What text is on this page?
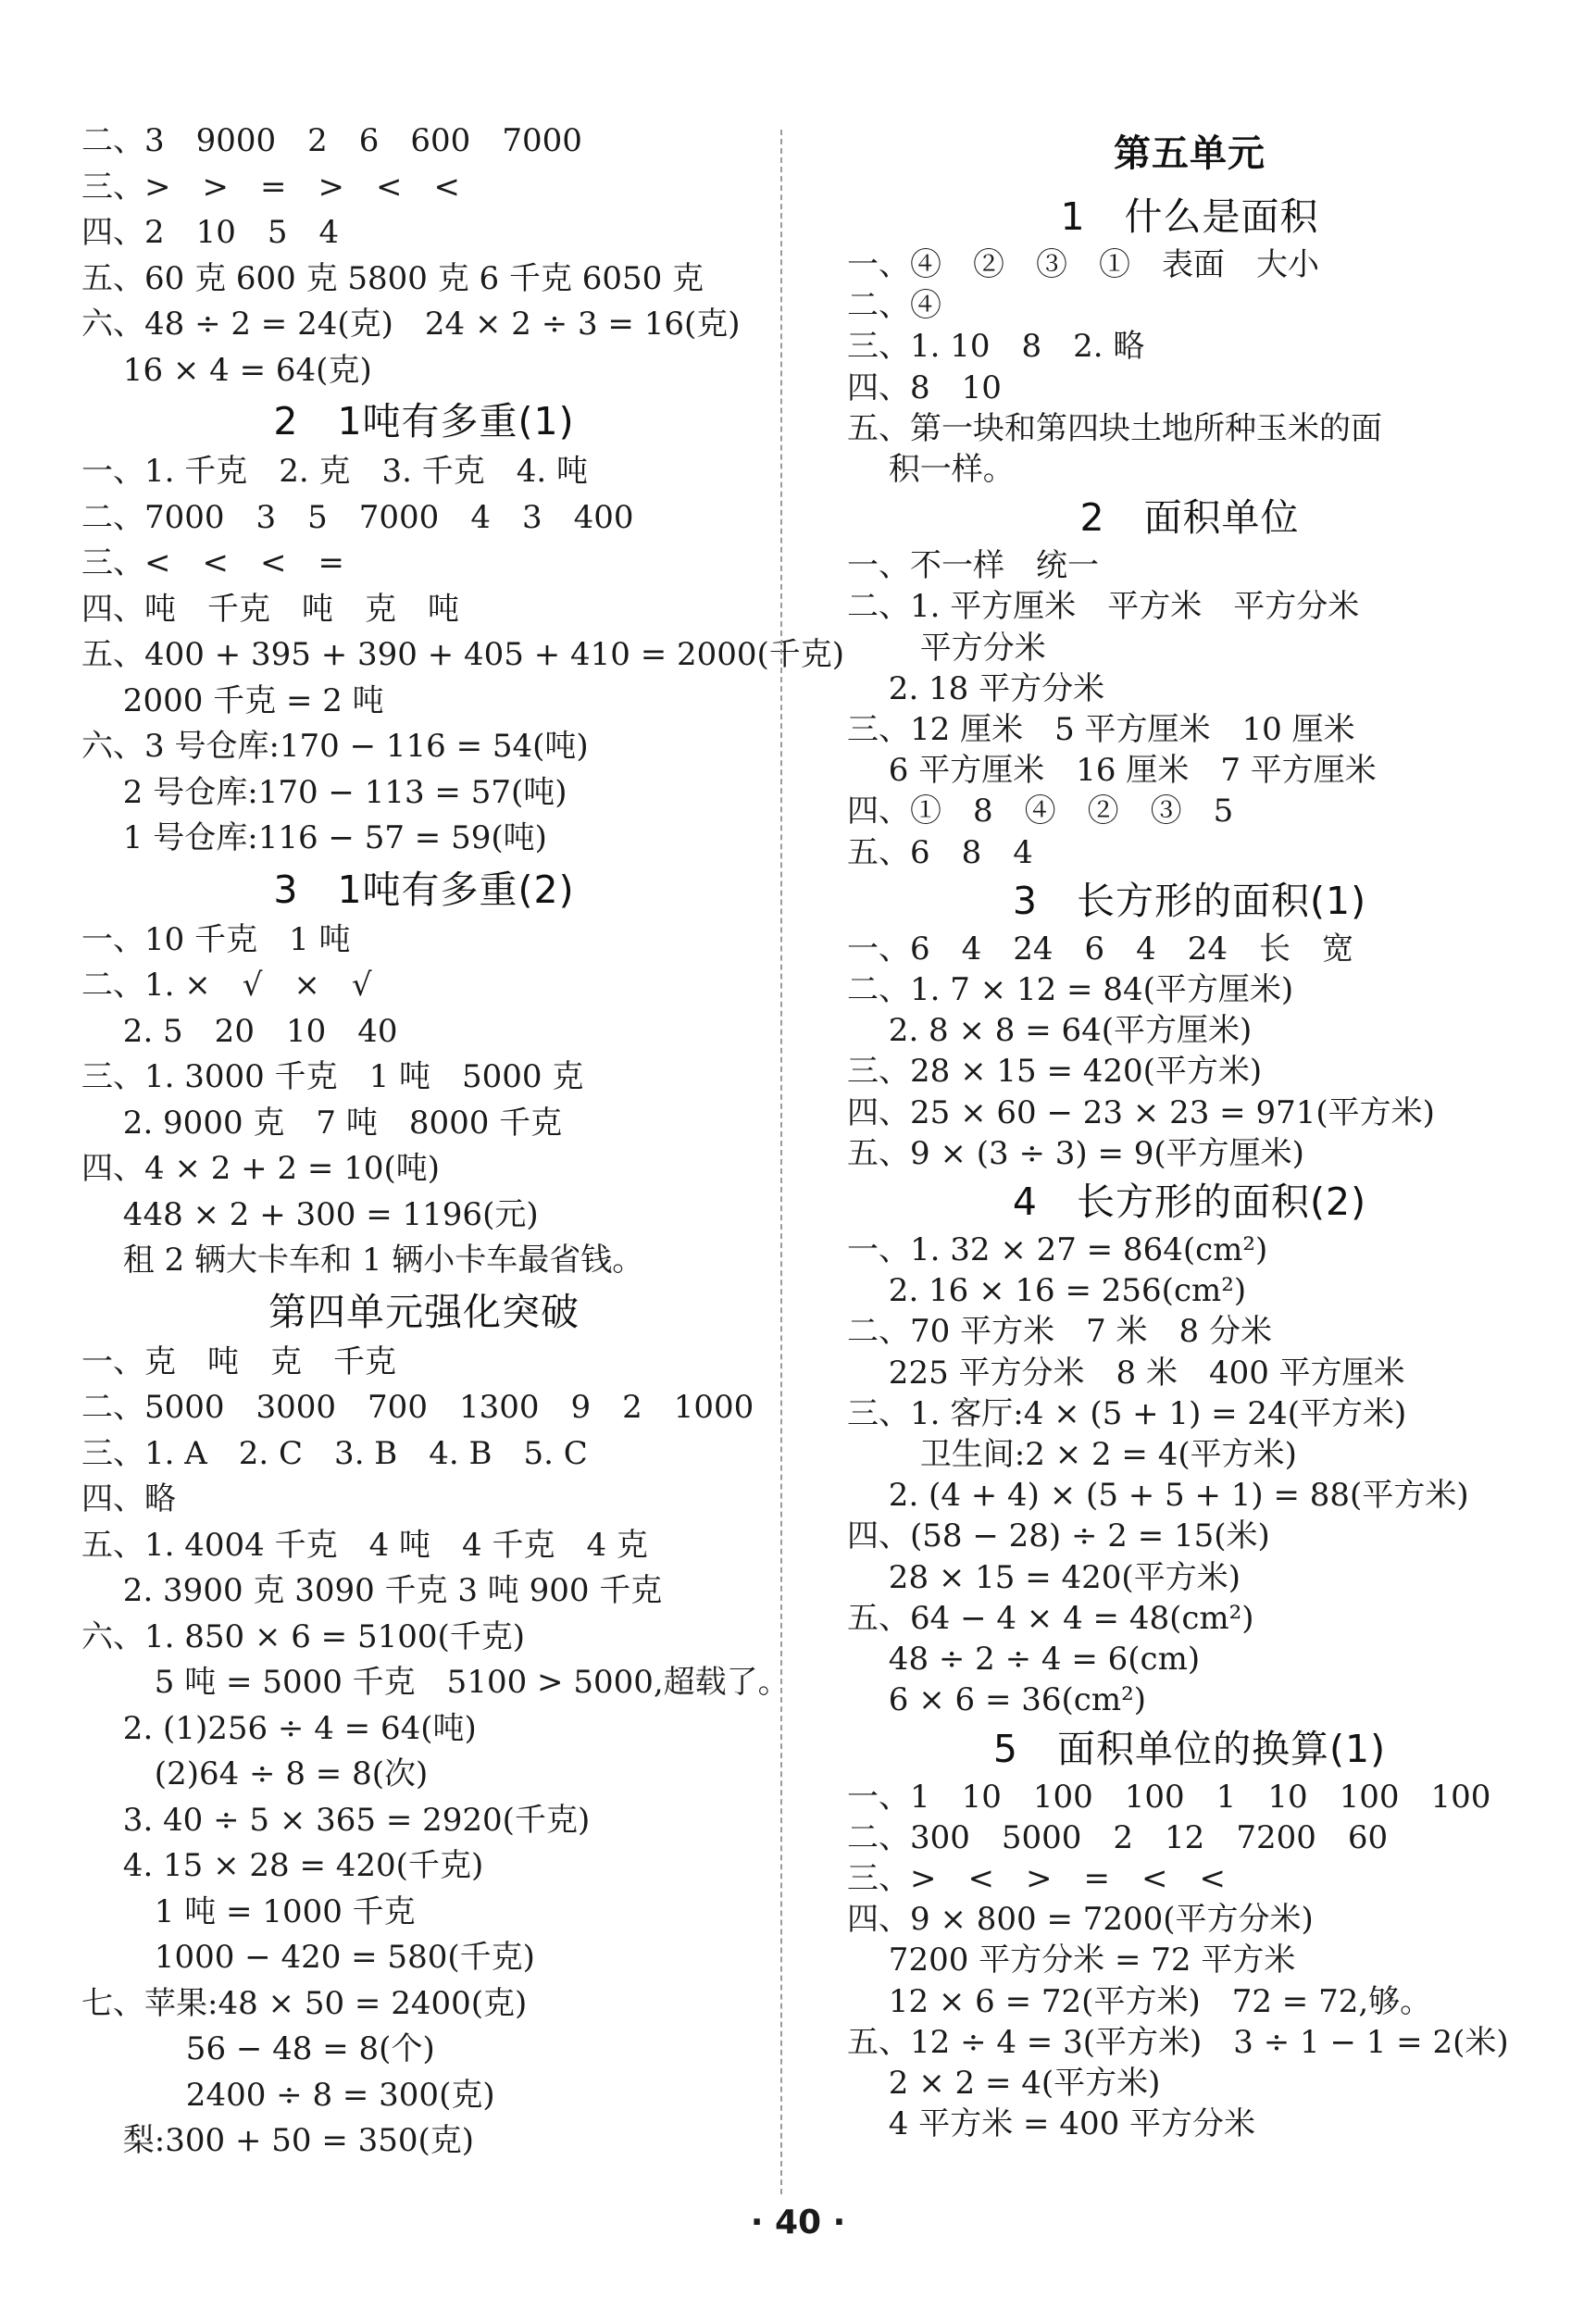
二、3　9000　2　6　600　7000
三、>　>　=　>　<　<
四、2　10　5　4
五、60 克 600 克 5800 克 6 千克 6050 克
六、48 ÷ 2 = 24(克)　24 × 2 ÷ 3 = 16(克)
　 16 × 4 = 64(克)
2　1吨有多重(1)
一、1. 千克　2. 克　3. 千克　4. 吨
二、7000　3　5　7000　4　3　400
三、<　<　<　=
四、吨　千克　吨　克　吨
五、400 + 395 + 390 + 405 + 410 = 2000(千克)
　 2000 千克 = 2 吨
六、3 号仓库:170 − 116 = 54(吨)
　 2 号仓库:170 − 113 = 57(吨)
　 1 号仓库:116 − 57 = 59(吨)
3　1吨有多重(2)
一、10 千克　1 吨
二、1. ×　√　×　√
　 2. 5　20　10　40
三、1. 3000 千克　1 吨　5000 克
　 2. 9000 克　7 吨　8000 千克
四、4 × 2 + 2 = 10(吨)
　 448 × 2 + 300 = 1196(元)
　 租 2 辆大卡车和 1 辆小卡车最省钱。
第四单元强化突破
一、克　吨　克　千克
二、5000　3000　700　1300　9　2　1000
三、1. A　2. C　3. B　4. B　5. C
四、略
五、1. 4004 千克　4 吨　4 千克　4 克
　 2. 3900 克 3090 千克 3 吨 900 千克
六、1. 850 × 6 = 5100(千克)
　　 5 吨 = 5000 千克　5100 > 5000,超载了。
　 2. (1)256 ÷ 4 = 64(吨)
　　 (2)64 ÷ 8 = 8(次)
　 3. 40 ÷ 5 × 365 = 2920(千克)
　 4. 15 × 28 = 420(千克)
　　 1 吨 = 1000 千克
　　 1000 − 420 = 580(千克)
七、苹果:48 × 50 = 2400(克)
　　　 56 − 48 = 8(个)
　　　 2400 ÷ 8 = 300(克)
　 梨:300 + 50 = 350(克)
第五单元
1　什么是面积
一、④　②　③　①　表面　大小
二、④
三、1. 10　8　2. 略
四、8　10
五、第一块和第四块土地所种玉米的面
　 积一样。
2　面积单位
一、不一样　统一
二、1. 平方厘米　平方米　平方分米
　　 平方分米
　 2. 18 平方分米
三、12 厘米　5 平方厘米　10 厘米
　 6 平方厘米　16 厘米　7 平方厘米
四、①　8　④　②　③　5
五、6　8　4
3　长方形的面积(1)
一、6　4　24　6　4　24　长　宽
二、1. 7 × 12 = 84(平方厘米)
　 2. 8 × 8 = 64(平方厘米)
三、28 × 15 = 420(平方米)
四、25 × 60 − 23 × 23 = 971(平方米)
五、9 × (3 ÷ 3) = 9(平方厘米)
4　长方形的面积(2)
一、1. 32 × 27 = 864(cm²)
　 2. 16 × 16 = 256(cm²)
二、70 平方米　7 米　8 分米
　 225 平方分米　8 米　400 平方厘米
三、1. 客厅:4 × (5 + 1) = 24(平方米)
　　 卫生间:2 × 2 = 4(平方米)
　 2. (4 + 4) × (5 + 5 + 1) = 88(平方米)
四、(58 − 28) ÷ 2 = 15(米)
　 28 × 15 = 420(平方米)
五、64 − 4 × 4 = 48(cm²)
　 48 ÷ 2 ÷ 4 = 6(cm)
　 6 × 6 = 36(cm²)
5　面积单位的换算(1)
一、1　10　100　100　1　10　100　100
二、300　5000　2　12　7200　60
三、>　<　>　=　<　<
四、9 × 800 = 7200(平方分米)
　 7200 平方分米 = 72 平方米
　 12 × 6 = 72(平方米)　72 = 72,够。
五、12 ÷ 4 = 3(平方米)　3 ÷ 1 − 1 = 2(米)
　 2 × 2 = 4(平方米)
　 4 平方米 = 400 平方分米
· 40 ·
